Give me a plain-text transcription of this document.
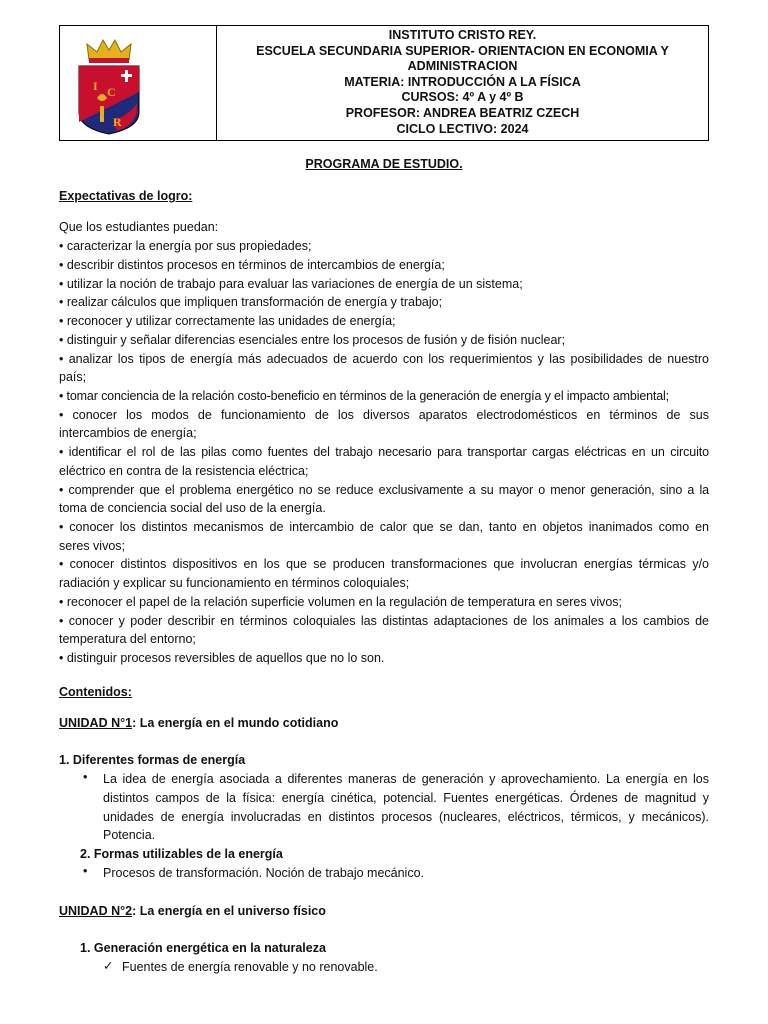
I C
R
INSTITUTO CRISTO REY.
ESCUELA SECUNDARIA SUPERIOR- ORIENTACION EN ECONOMIA Y
ADMINISTRACION
MATERIA: INTRODUCCIÓN A LA FÍSICA
CURSOS: 4º A y 4º B
PROFESOR: ANDREA BEATRIZ CZECH
CICLO LECTIVO: 2024
PROGRAMA DE ESTUDIO.
Expectativas de logro:
Que los estudiantes puedan:
• caracterizar la energía por sus propiedades;
• describir distintos procesos en términos de intercambios de energía;
• utilizar la noción de trabajo para evaluar las variaciones de energía de un sistema;
• realizar cálculos que impliquen transformación de energía y trabajo;
• reconocer y utilizar correctamente las unidades de energía;
• distinguir y señalar diferencias esenciales entre los procesos de fusión y de fisión nuclear;
• analizar los tipos de energía más adecuados de acuerdo con los requerimientos y las posibilidades de nuestro
país;
• tomar conciencia de la relación costo-beneficio en términos de la generación de energía y el impacto ambiental;
• conocer los modos de funcionamiento de los diversos aparatos electrodomésticos en términos de sus
intercambios de energía;
• identificar el rol de las pilas como fuentes del trabajo necesario para transportar cargas eléctricas en un circuito
eléctrico en contra de la resistencia eléctrica;
• comprender que el problema energético no se reduce exclusivamente a su mayor o menor generación, sino a la
toma de conciencia social del uso de la energía.
• conocer los distintos mecanismos de intercambio de calor que se dan, tanto en objetos inanimados como en
seres vivos;
• conocer distintos dispositivos en los que se producen transformaciones que involucran energías térmicas y/o
radiación y explicar su funcionamiento en términos coloquiales;
• reconocer el papel de la relación superficie volumen en la regulación de temperatura en seres vivos;
• conocer y poder describir en términos coloquiales las distintas adaptaciones de los animales a los cambios de
temperatura del entorno;
• distinguir procesos reversibles de aquellos que no lo son.
Contenidos:
UNIDAD N°1: La energía en el mundo cotidiano
1. Diferentes formas de energía
• La idea de energía asociada a diferentes maneras de generación y aprovechamiento. La energía en los
distintos campos de la física: energía cinética, potencial. Fuentes energéticas. Órdenes de magnitud y
unidades de energía involucradas en distintos procesos (nucleares, eléctricos, térmicos, y mecánicos).
Potencia.
2. Formas utilizables de la energía
• Procesos de transformación. Noción de trabajo mecánico.
UNIDAD N°2: La energía en el universo físico
1. Generación energética en la naturaleza
✓ Fuentes de energía renovable y no renovable.
